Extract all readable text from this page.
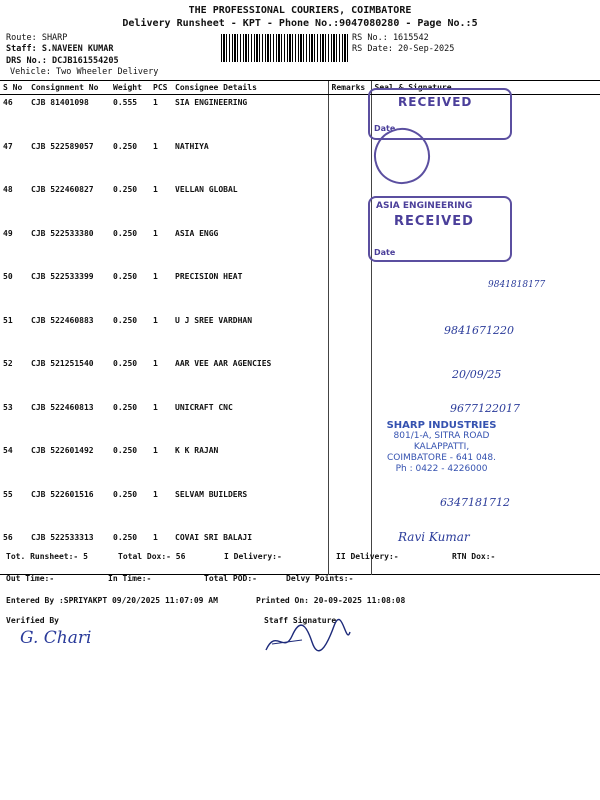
THE PROFESSIONAL COURIERS, COIMBATORE
Delivery Runsheet - KPT - Phone No.:9047080280 - Page No.:5
Route: SHARP
Staff: S.NAVEEN KUMAR
DRS No.: DCJB161554205
Vehicle: Two Wheeler Delivery
RS No.: 1615542
RS Date: 20-Sep-2025
S No	Consignment No	Weight	PCS	Consignee Details	Remarks	Seal & Signature
46	CJB 81401098	0.555	1	SIA ENGINEERING		
47	CJB 522589057	0.250	1	NATHIYA		
48	CJB 522460827	0.250	1	VELLAN GLOBAL		
49	CJB 522533380	0.250	1	ASIA ENGG		
50	CJB 522533399	0.250	1	PRECISION HEAT		
51	CJB 522460883	0.250	1	U J SREE VARDHAN		
52	CJB 521251540	0.250	1	AAR VEE AAR AGENCIES		
53	CJB 522460813	0.250	1	UNICRAFT CNC		
54	CJB 522601492	0.250	1	K K RAJAN		
55	CJB 522601516	0.250	1	SELVAM BUILDERS		
56	CJB 522533313	0.250	1	COVAI SRI BALAJI		
RECEIVED
Date
ASIA ENGINEERING
RECEIVED
Date
9841818177
9841671220
20/09/25
9677122017
6347181712
Ravi Kumar
SHARP INDUSTRIES
801/1-A, SITRA ROAD
KALAPPATTI,
COIMBATORE - 641 048.
Ph : 0422 - 4226000
Tot. Runsheet:- 5	Total Dox:- 56	I Delivery:-	II Delivery:-	RTN Dox:-
Out Time:-	In Time:-	Total POD:-	Delvy Points:-
Entered By :SPRIYAKPT 09/20/2025 11:07:09 AM	Printed On: 20-09-2025 11:08:08
Verified By	Staff Signature
G. Chari
